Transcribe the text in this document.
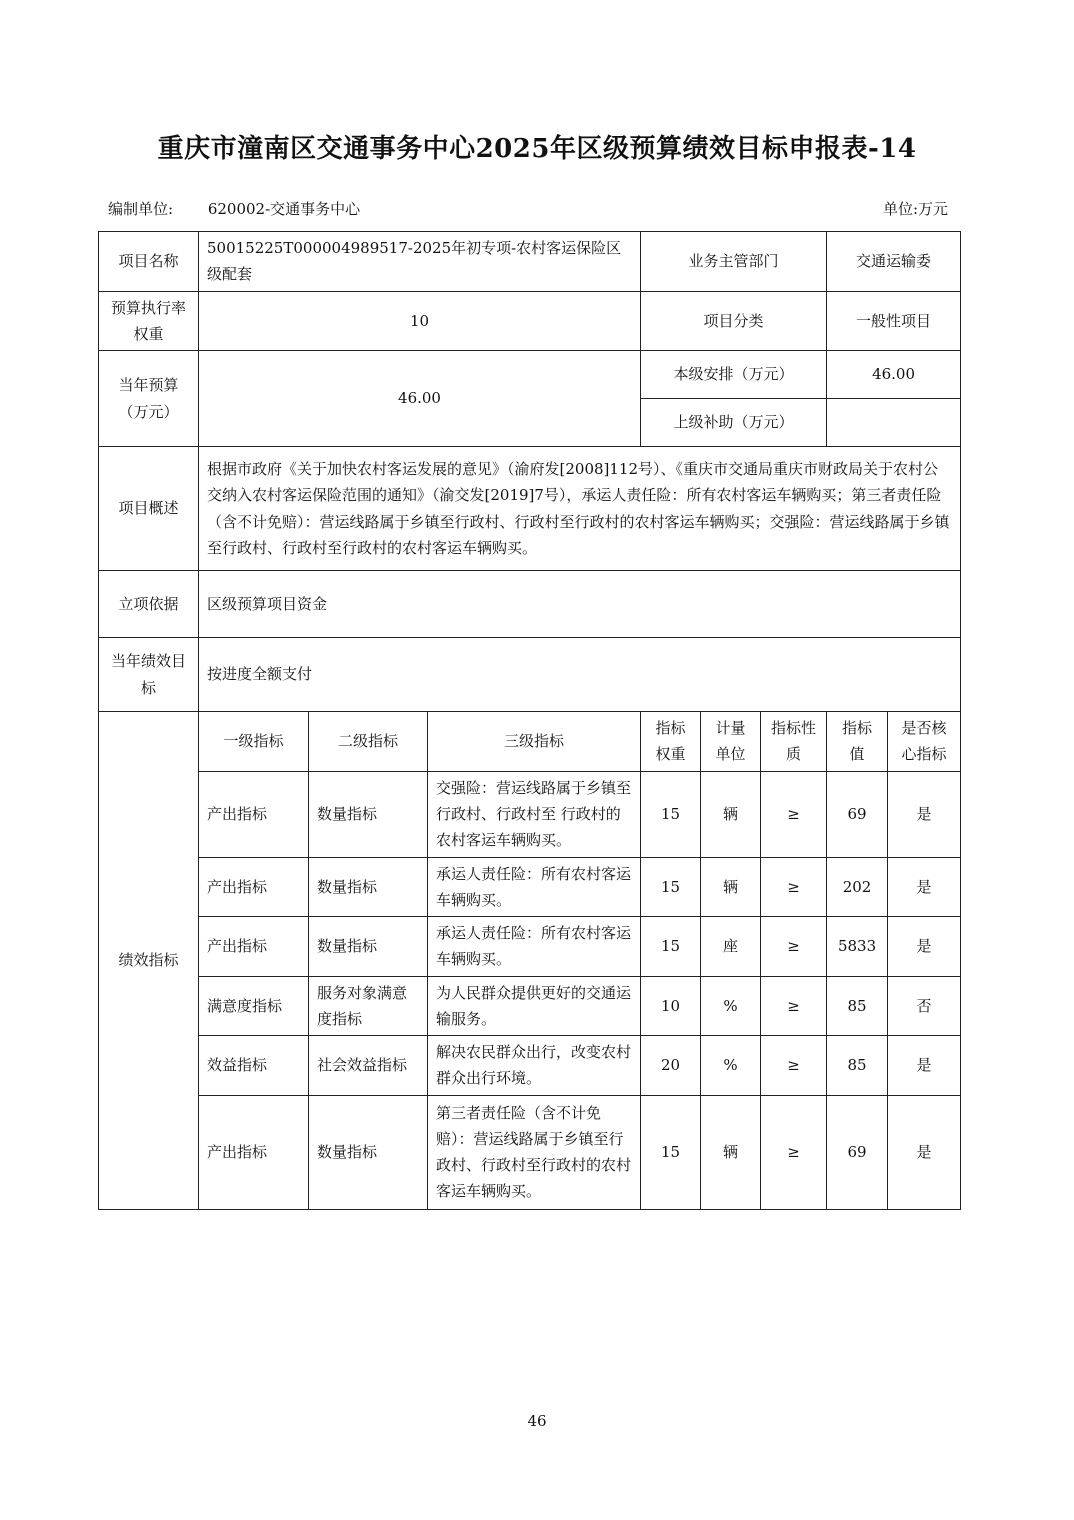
重庆市潼南区交通事务中心2025年区级预算绩效目标申报表-14
编制单位: 620002-交通事务中心	单位:万元
项目名称	50015225T000004989517-2025年初专项-农村客运保险区级配套			业务主管部门			交通运输委	
预算执行率权重	10			项目分类			一般性项目	
当年预算（万元）	46.00			本级安排（万元）			46.00	
				上级补助（万元）				
项目概述	根据市政府《关于加快农村客运发展的意见》（渝府发[2008]112号）、《重庆市交通局重庆市财政局关于农村公交纳入农村客运保险范围的通知》（渝交发[2019]7号），承运人责任险：所有农村客运车辆购买；第三者责任险（含不计免赔）：营运线路属于乡镇至行政村、行政村至行政村的农村客运车辆购买；交强险：营运线路属于乡镇至行政村、行政村至行政村的农村客运车辆购买。							
立项依据	区级预算项目资金							
当年绩效目标	按进度全额支付							
绩效指标	一级指标	二级指标	三级指标	指标权重	计量单位	指标性质	指标值	是否核心指标
	产出指标	数量指标	交强险：营运线路属于乡镇至行政村、行政村至 行政村的农村客运车辆购买。	15	辆	≥	69	是
	产出指标	数量指标	承运人责任险：所有农村客运车辆购买。	15	辆	≥	202	是
	产出指标	数量指标	承运人责任险：所有农村客运车辆购买。	15	座	≥	5833	是
	满意度指标	服务对象满意度指标	为人民群众提供更好的交通运输服务。	10	%	≥	85	否
	效益指标	社会效益指标	解决农民群众出行，改变农村群众出行环境。	20	%	≥	85	是
	产出指标	数量指标	第三者责任险（含不计免赔）：营运线路属于乡镇至行政村、行政村至行政村的农村客运车辆购买。	15	辆	≥	69	是
46
